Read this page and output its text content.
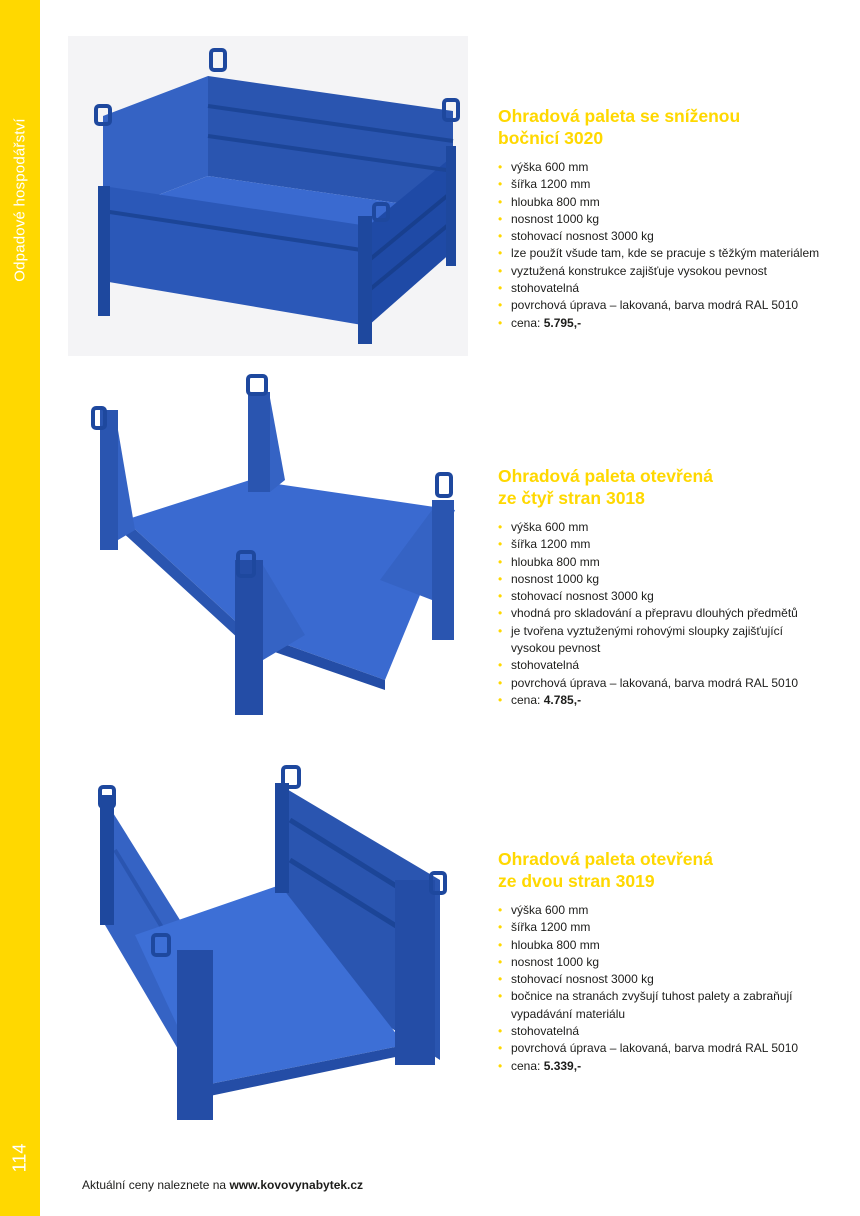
Odpadové hospodářství
114
Ohradová paleta se sníženou
bočnicí 3020
• výška 600 mm
• šířka 1200 mm
• hloubka 800 mm
• nosnost 1000 kg
• stohovací nosnost 3000 kg
• lze použít všude tam, kde se pracuje s těžkým materiálem
• vyztužená konstrukce zajišťuje vysokou pevnost
• stohovatelná
• povrchová úprava – lakovaná, barva modrá RAL 5010
• cena: 5.795,-
Ohradová paleta otevřená
ze čtyř stran 3018
• výška 600 mm
• šířka 1200 mm
• hloubka 800 mm
• nosnost 1000 kg
• stohovací nosnost 3000 kg
• vhodná pro skladování a přepravu dlouhých předmětů
• je tvořena vyztuženými rohovými sloupky zajišťující vysokou pevnost
• stohovatelná
• povrchová úprava – lakovaná, barva modrá RAL 5010
• cena: 4.785,-
Ohradová paleta otevřená
ze dvou stran 3019
• výška 600 mm
• šířka 1200 mm
• hloubka 800 mm
• nosnost 1000 kg
• stohovací nosnost 3000 kg
• bočnice na stranách zvyšují tuhost palety a zabraňují vypadávání materiálu
• stohovatelná
• povrchová úprava – lakovaná, barva modrá RAL 5010
• cena: 5.339,-
Aktuální ceny naleznete na www.kovovynabytek.cz
